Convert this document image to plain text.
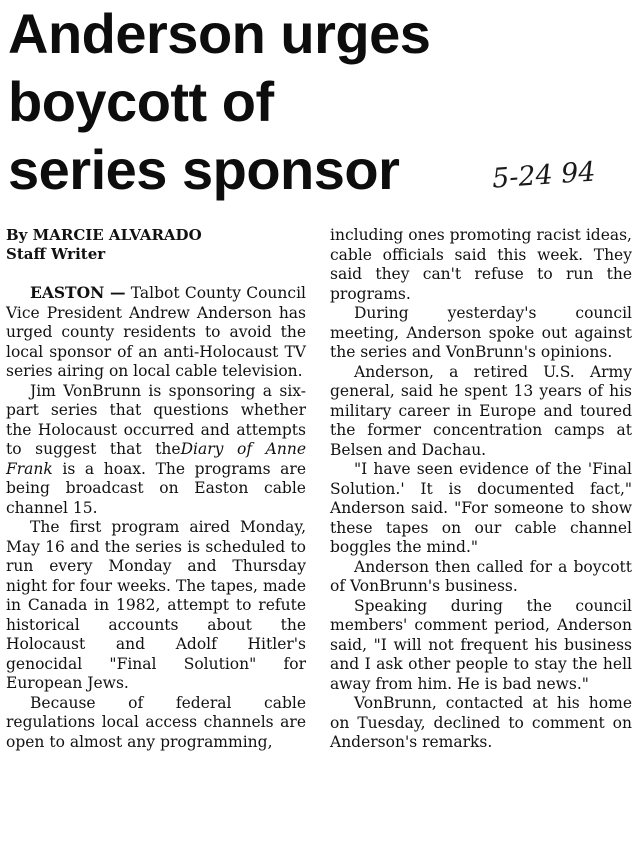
Anderson urges
boycott of
series sponsor	5-24 94
By MARCIE ALVARADO
Staff Writer

EASTON — Talbot County Council Vice President Andrew Anderson has urged county residents to avoid the local sponsor of an anti-Holocaust TV series airing on local cable television.

Jim VonBrunn is sponsoring a six-part series that questions whether the Holocaust occurred and attempts to suggest that theDiary of Anne Frank is a hoax. The programs are being broadcast on Easton cable channel 15.

The first program aired Monday, May 16 and the series is scheduled to run every Monday and Thursday night for four weeks. The tapes, made in Canada in 1982, attempt to refute historical accounts about the Holocaust and Adolf Hitler's genocidal "Final Solution" for European Jews.

Because of federal cable regulations local access channels are open to almost any programming,

including ones promoting racist ideas, cable officials said this week. They said they can't refuse to run the programs.

During yesterday's council meeting, Anderson spoke out against the series and VonBrunn's opinions.

Anderson, a retired U.S. Army general, said he spent 13 years of his military career in Europe and toured the former concentration camps at Belsen and Dachau.

"I have seen evidence of the 'Final Solution.' It is documented fact," Anderson said. "For someone to show these tapes on our cable channel boggles the mind."

Anderson then called for a boycott of VonBrunn's business.

Speaking during the council members' comment period, Anderson said, "I will not frequent his business and I ask other people to stay the hell away from him. He is bad news."

VonBrunn, contacted at his home on Tuesday, declined to comment on Anderson's remarks.
